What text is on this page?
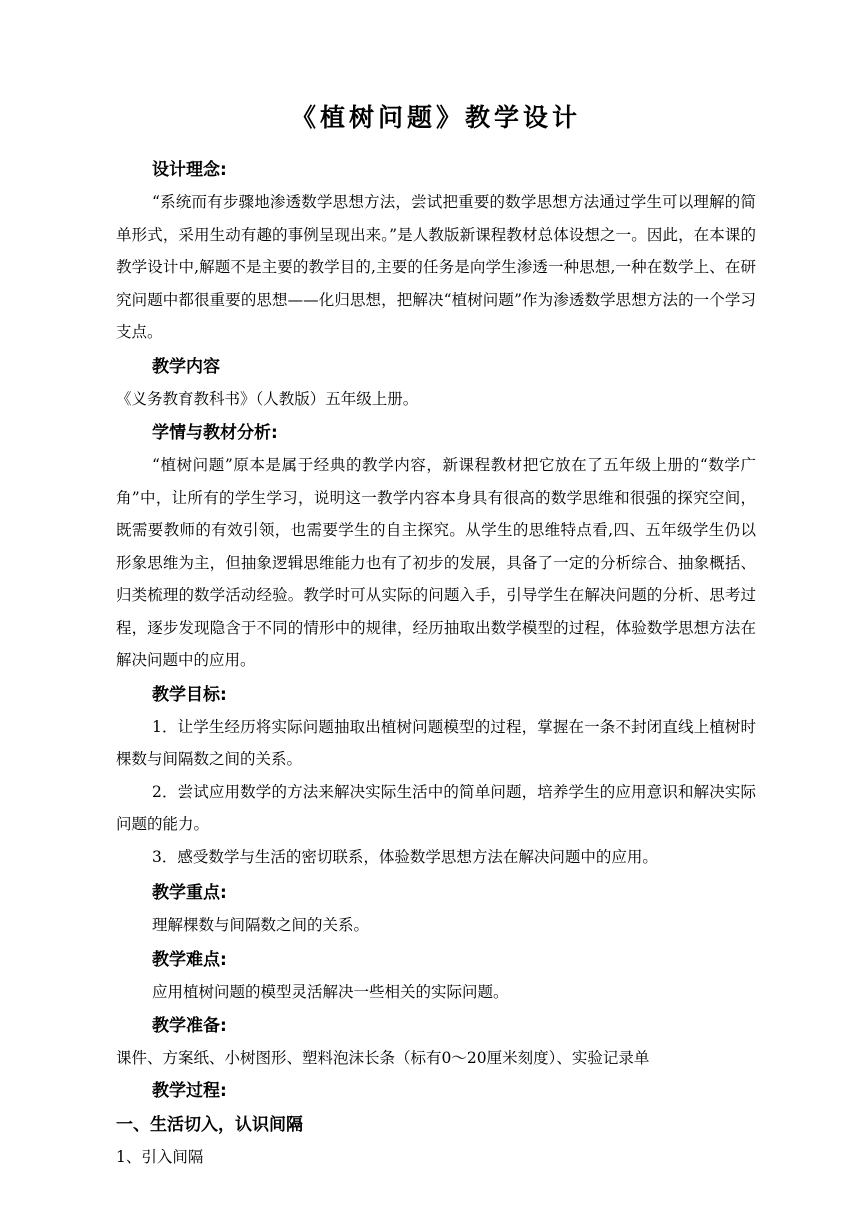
《植树问题》教学设计
设计理念:

“系统而有步骤地渗透数学思想方法，尝试把重要的数学思想方法通过学生可以理解的简单形式，采用生动有趣的事例呈现出来。”是人教版新课程教材总体设想之一。因此，在本课的教学设计中,解题不是主要的教学目的,主要的任务是向学生渗透一种思想,一种在数学上、在研究问题中都很重要的思想——化归思想，把解决“植树问题”作为渗透数学思想方法的一个学习支点。

教学内容

《义务教育教科书》（人教版）五年级上册。

学情与教材分析:

“植树问题”原本是属于经典的教学内容，新课程教材把它放在了五年级上册的“数学广角”中，让所有的学生学习，说明这一教学内容本身具有很高的数学思维和很强的探究空间，既需要教师的有效引领，也需要学生的自主探究。从学生的思维特点看,四、五年级学生仍以形象思维为主，但抽象逻辑思维能力也有了初步的发展，具备了一定的分析综合、抽象概括、归类梳理的数学活动经验。教学时可从实际的问题入手，引导学生在解决问题的分析、思考过程，逐步发现隐含于不同的情形中的规律，经历抽取出数学模型的过程，体验数学思想方法在解决问题中的应用。

教学目标:

1．让学生经历将实际问题抽取出植树问题模型的过程，掌握在一条不封闭直线上植树时棵数与间隔数之间的关系。

2．尝试应用数学的方法来解决实际生活中的简单问题，培养学生的应用意识和解决实际问题的能力。

3．感受数学与生活的密切联系，体验数学思想方法在解决问题中的应用。

教学重点:

理解棵数与间隔数之间的关系。

教学难点:

应用植树问题的模型灵活解决一些相关的实际问题。

教学准备:

课件、方案纸、小树图形、塑料泡沫长条（标有0～20厘米刻度）、实验记录单

教学过程:
一、生活切入，认识间隔

1、引入间隔
